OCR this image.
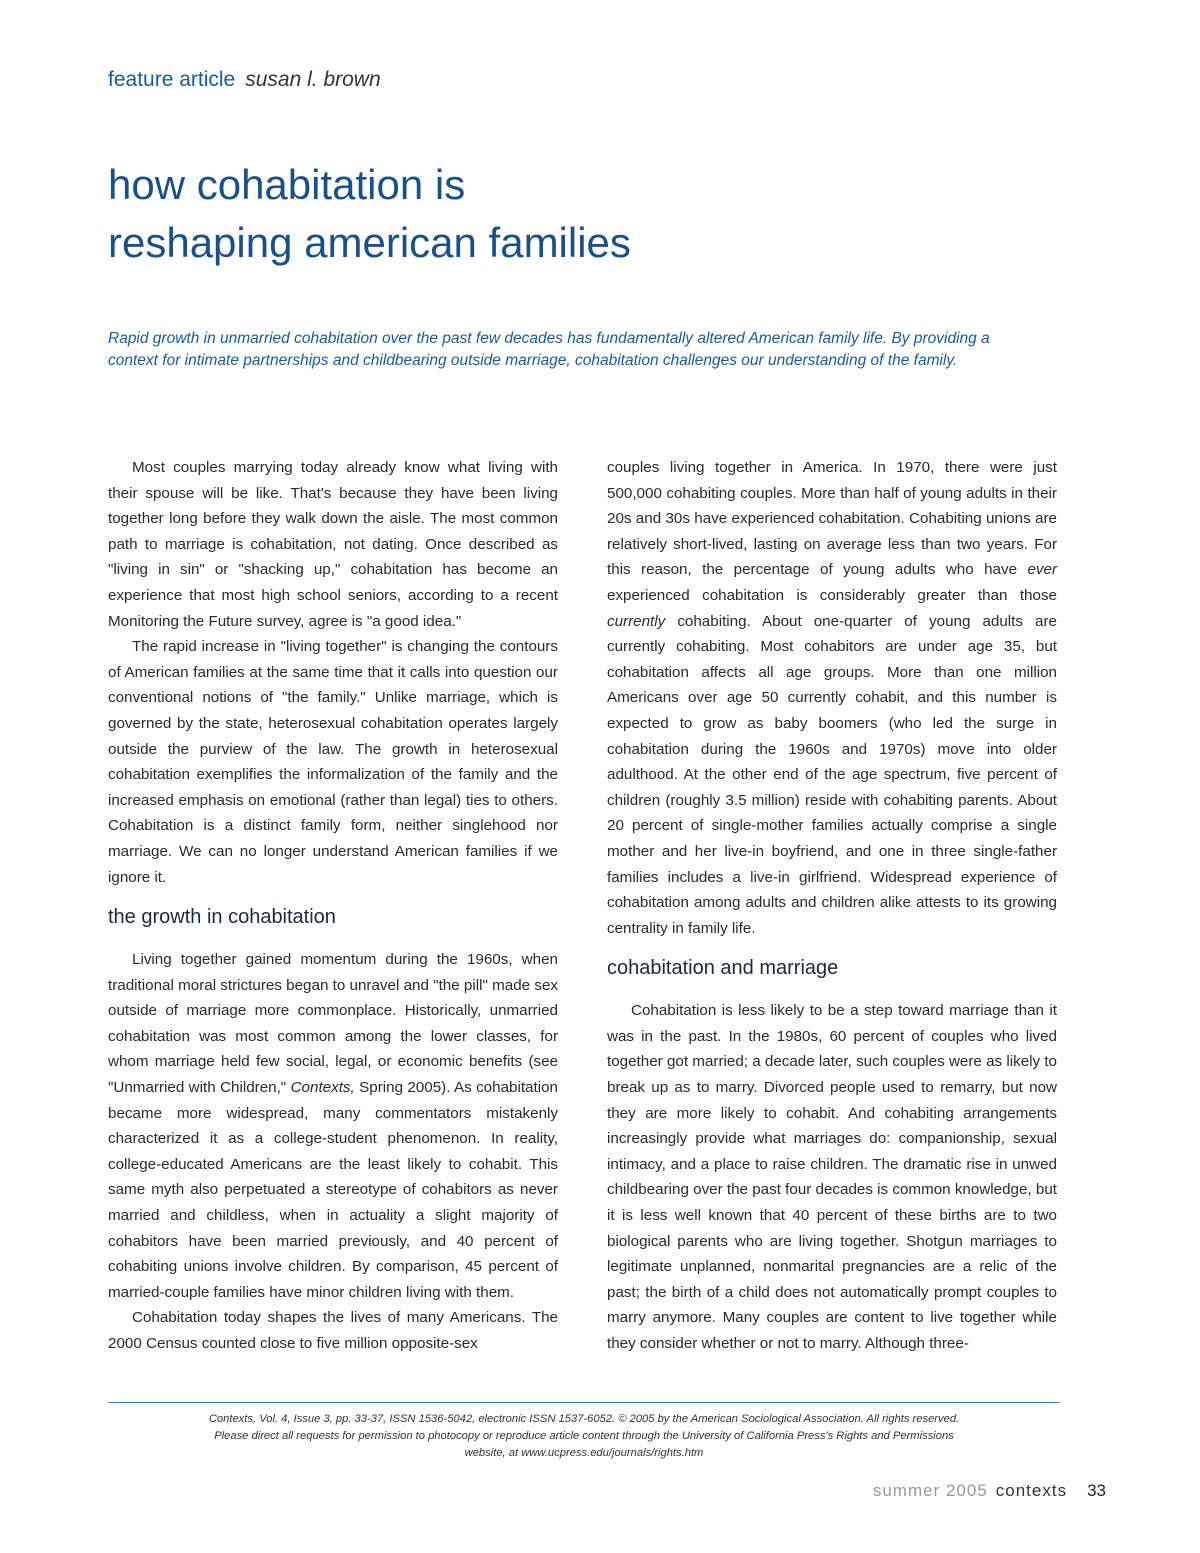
feature article susan l. brown
how cohabitation is
reshaping american families

Rapid growth in unmarried cohabitation over the past few decades has fundamentally altered American family life. By providing a context for intimate partnerships and childbearing outside marriage, cohabitation challenges our understanding of the family.

Most couples marrying today already know what living with their spouse will be like. That's because they have been living together long before they walk down the aisle. The most common path to marriage is cohabitation, not dating. Once described as "living in sin" or "shacking up," cohabitation has become an experience that most high school seniors, according to a recent Monitoring the Future survey, agree is "a good idea."

The rapid increase in "living together" is changing the contours of American families at the same time that it calls into question our conventional notions of "the family." Unlike marriage, which is governed by the state, heterosexual cohabitation operates largely outside the purview of the law. The growth in heterosexual cohabitation exemplifies the informalization of the family and the increased emphasis on emotional (rather than legal) ties to others. Cohabitation is a distinct family form, neither singlehood nor marriage. We can no longer understand American families if we ignore it.

the growth in cohabitation

Living together gained momentum during the 1960s, when traditional moral strictures began to unravel and "the pill" made sex outside of marriage more commonplace. Historically, unmarried cohabitation was most common among the lower classes, for whom marriage held few social, legal, or economic benefits (see "Unmarried with Children," Contexts, Spring 2005). As cohabitation became more widespread, many commentators mistakenly characterized it as a college-student phenomenon. In reality, college-educated Americans are the least likely to cohabit. This same myth also perpetuated a stereotype of cohabitors as never married and childless, when in actuality a slight majority of cohabitors have been married previously, and 40 percent of cohabiting unions involve children. By comparison, 45 percent of married-couple families have minor children living with them.

Cohabitation today shapes the lives of many Americans. The 2000 Census counted close to five million opposite-sex

couples living together in America. In 1970, there were just 500,000 cohabiting couples. More than half of young adults in their 20s and 30s have experienced cohabitation. Cohabiting unions are relatively short-lived, lasting on average less than two years. For this reason, the percentage of young adults who have ever experienced cohabitation is considerably greater than those currently cohabiting. About one-quarter of young adults are currently cohabiting. Most cohabitors are under age 35, but cohabitation affects all age groups. More than one million Americans over age 50 currently cohabit, and this number is expected to grow as baby boomers (who led the surge in cohabitation during the 1960s and 1970s) move into older adulthood. At the other end of the age spectrum, five percent of children (roughly 3.5 million) reside with cohabiting parents. About 20 percent of single-mother families actually comprise a single mother and her live-in boyfriend, and one in three single-father families includes a live-in girlfriend. Widespread experience of cohabitation among adults and children alike attests to its growing centrality in family life.

cohabitation and marriage

Cohabitation is less likely to be a step toward marriage than it was in the past. In the 1980s, 60 percent of couples who lived together got married; a decade later, such couples were as likely to break up as to marry. Divorced people used to remarry, but now they are more likely to cohabit. And cohabiting arrangements increasingly provide what marriages do: companionship, sexual intimacy, and a place to raise children. The dramatic rise in unwed childbearing over the past four decades is common knowledge, but it is less well known that 40 percent of these births are to two biological parents who are living together. Shotgun marriages to legitimate unplanned, nonmarital pregnancies are a relic of the past; the birth of a child does not automatically prompt couples to marry anymore. Many couples are content to live together while they consider whether or not to marry. Although three-

Contexts, Vol. 4, Issue 3, pp. 33-37, ISSN 1536-5042, electronic ISSN 1537-6052. © 2005 by the American Sociological Association. All rights reserved.
Please direct all requests for permission to photocopy or reproduce article content through the University of California Press's Rights and Permissions
website, at www.ucpress.edu/journals/rights.htm
summer 2005 contexts 33
